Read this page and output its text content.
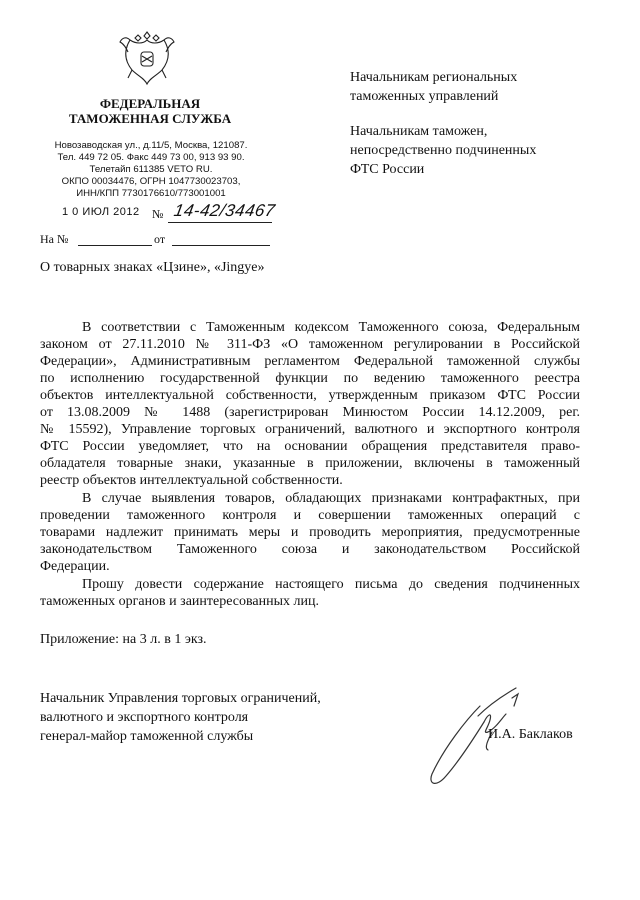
ФЕДЕРАЛЬНАЯ
ТАМОЖЕННАЯ СЛУЖБА
Новозаводская ул., д.11/5, Москва, 121087.
Тел. 449 72 05. Факс 449 73 00, 913 93 90.
Телетайп 611385 VETO RU.
ОКПО 00034476, ОГРН 1047730023703,
ИНН/КПП 7730176610/773001001
1 0 ИЮЛ 2012 № 14-42/34467
На №	от
Начальникам региональных
таможенных управлений
Начальникам таможен,
непосредственно подчиненных
ФТС России
О товарных знаках «Цзине», «Jingye»
В соответствии с Таможенным кодексом Таможенного союза, Федеральным
законом от 27.11.2010 № 311-ФЗ «О таможенном регулировании в Российской
Федерации», Административным регламентом Федеральной таможенной службы
по исполнению государственной функции по ведению таможенного реестра
объектов интеллектуальной собственности, утвержденным приказом ФТС России
от 13.08.2009 № 1488 (зарегистрирован Минюстом России 14.12.2009, рег.
№ 15592), Управление торговых ограничений, валютного и экспортного контроля
ФТС России уведомляет, что на основании обращения представителя право-
обладателя товарные знаки, указанные в приложении, включены в таможенный
реестр объектов интеллектуальной собственности.
В случае выявления товаров, обладающих признаками контрафактных, при
проведении таможенного контроля и совершении таможенных операций с
товарами надлежит принимать меры и проводить мероприятия, предусмотренные
законодательством Таможенного союза и законодательством Российской
Федерации.
Прошу довести содержание настоящего письма до сведения подчиненных
таможенных органов и заинтересованных лиц.
Приложение: на 3 л. в 1 экз.
Начальник Управления торговых ограничений,
валютного и экспортного контроля
генерал-майор таможенной службы	И.А. Баклаков
